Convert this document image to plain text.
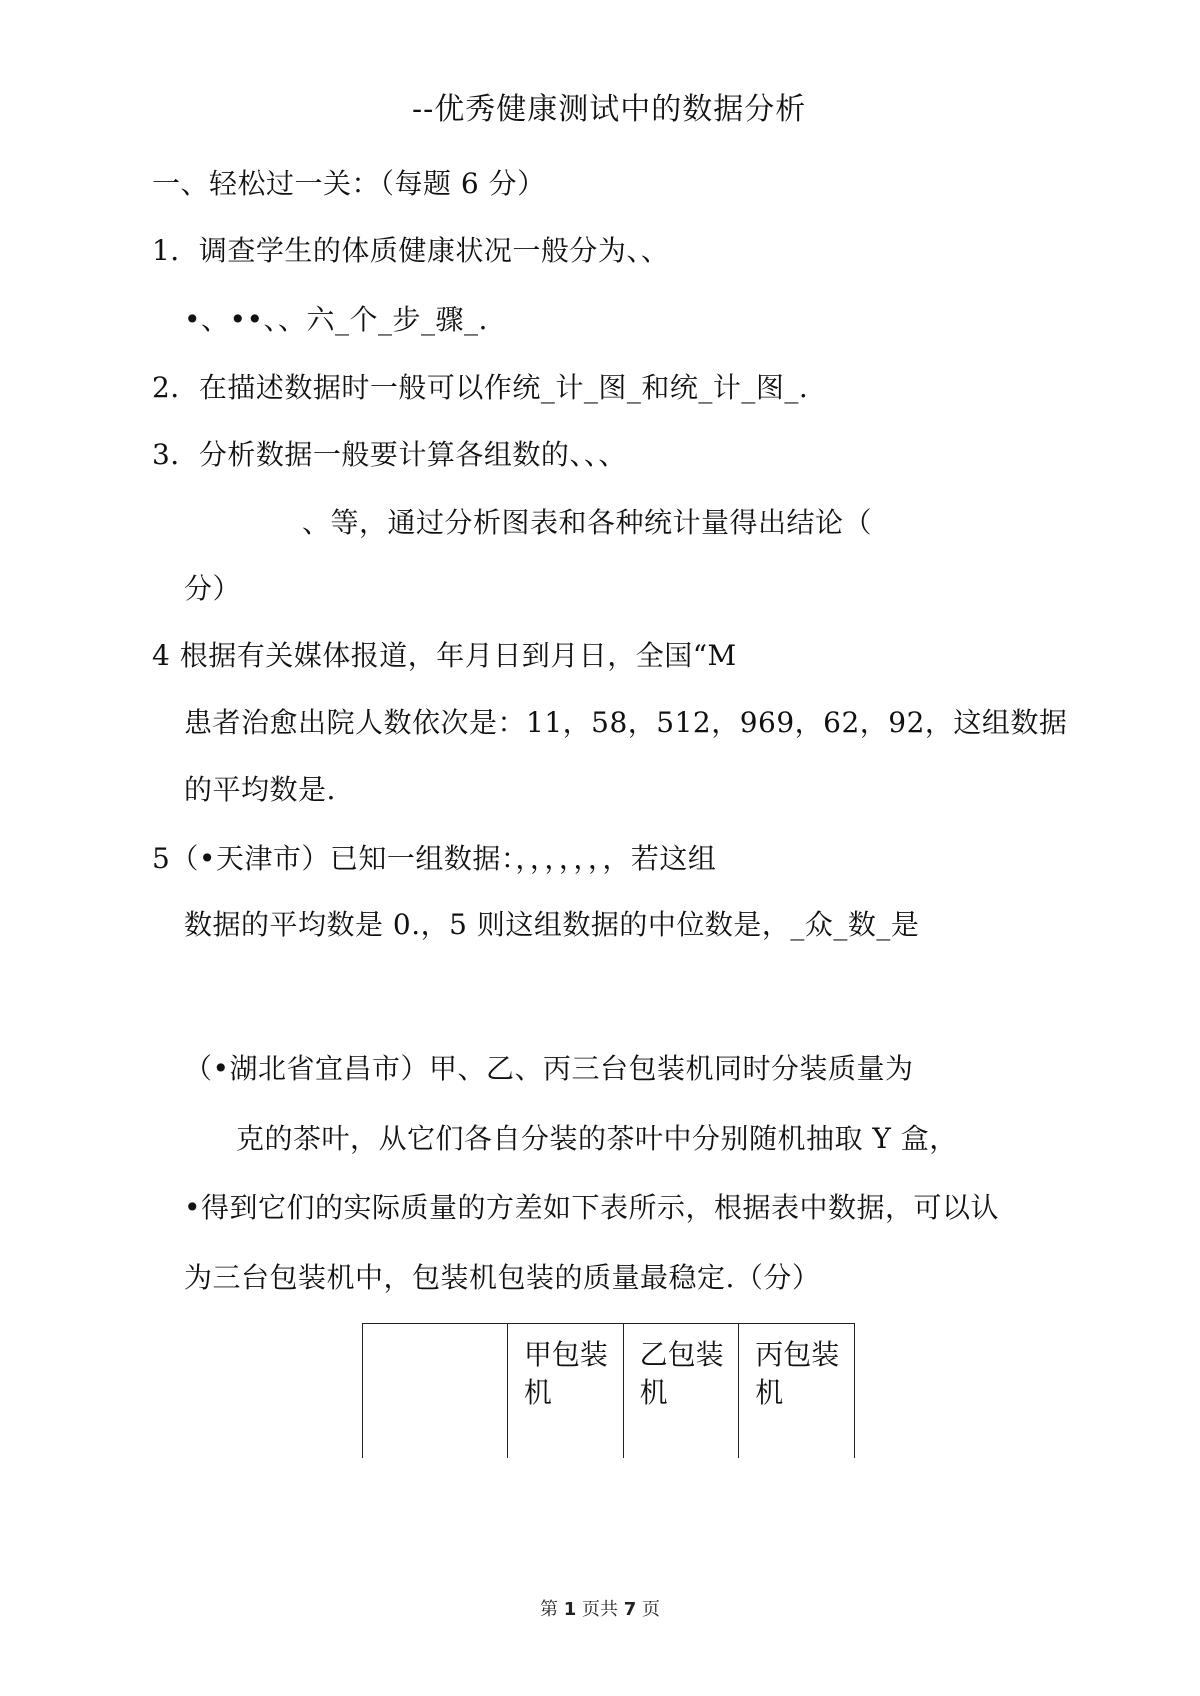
--优秀健康测试中的数据分析
一、轻松过一关：（每题 6 分）
1．调查学生的体质健康状况一般分为、、
•、••、、六_个_步_骤_.
2．在描述数据时一般可以作统_计_图_和统_计_图_.
3．分析数据一般要计算各组数的、、、
、等，通过分析图表和各种统计量得出结论（
分）
4 根据有关媒体报道，年月日到月日，全国“M
患者治愈出院人数依次是：11，58，512，969，62，92，这组数据
的平均数是.
5（•天津市）已知一组数据：，，，，，，，若这组
数据的平均数是 0.，5 则这组数据的中位数是，_众_数_是
（•湖北省宜昌市）甲、乙、丙三台包装机同时分装质量为
克的茶叶，从它们各自分装的茶叶中分别随机抽取 Y 盒，
•得到它们的实际质量的方差如下表所示，根据表中数据，可以认
为三台包装机中，包装机包装的质量最稳定.（分）
	甲包装机	乙包装机	丙包装机
第 1 页共 7 页
